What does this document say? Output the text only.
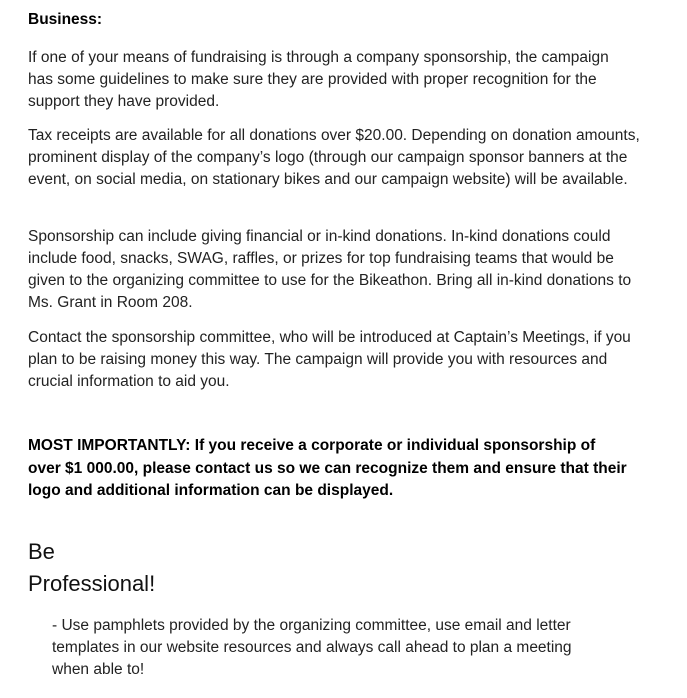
Business:

If one of your means of fundraising is through a company sponsorship, the campaign has some guidelines to make sure they are provided with proper recognition for the support they have provided.

Tax receipts are available for all donations over $20.00. Depending on donation amounts, prominent display of the company’s logo (through our campaign sponsor banners at the event, on social media, on stationary bikes and our campaign website) will be available.

Sponsorship can include giving financial or in-kind donations. In-kind donations could include food, snacks, SWAG, raffles, or prizes for top fundraising teams that would be given to the organizing committee to use for the Bikeathon. Bring all in-kind donations to Ms. Grant in Room 208.

Contact the sponsorship committee, who will be introduced at Captain’s Meetings, if you plan to be raising money this way. The campaign will provide you with resources and crucial information to aid you.

MOST IMPORTANTLY: If you receive a corporate or individual sponsorship of over $1 000.00, please contact us so we can recognize them and ensure that their logo and additional information can be displayed.

Be
Professional!

- Use pamphlets provided by the organizing committee, use email and letter templates in our website resources and always call ahead to plan a meeting when able to!
